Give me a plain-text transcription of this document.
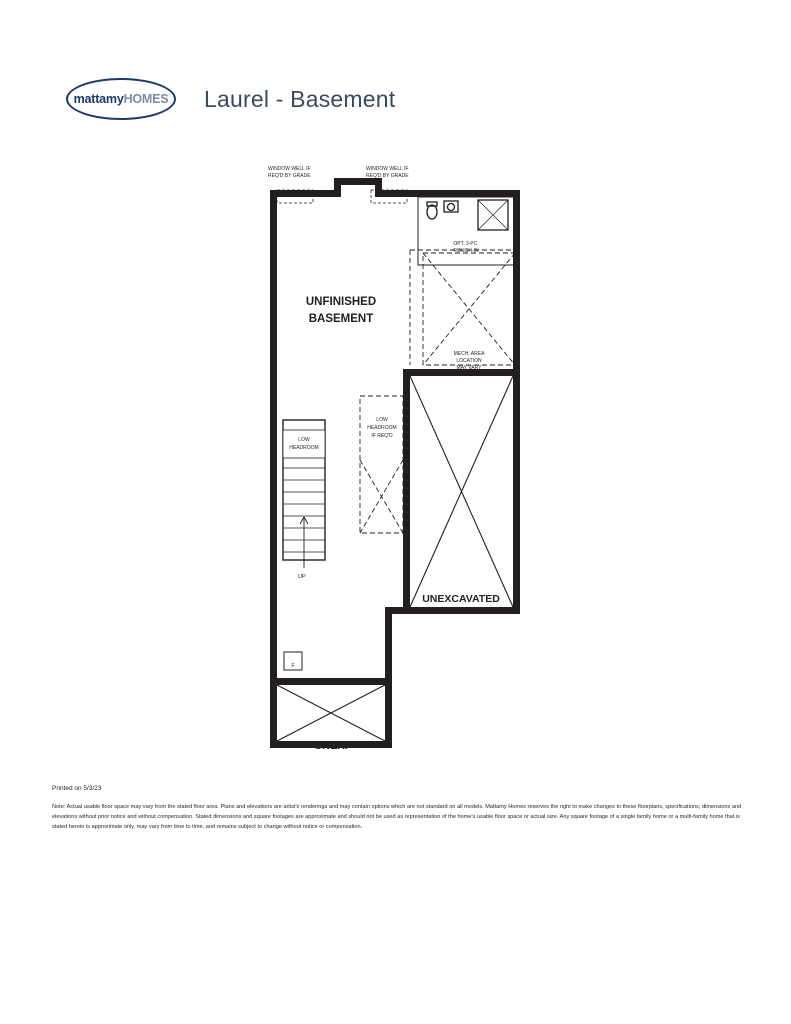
mattamyHOMES Laurel - Basement
WINDOW WELL IF
REQ'D BY GRADE
WINDOW WELL IF
REQ'D BY GRADE
OPT. 3-PC.
ROUGH-IN
UNFINISHED
BASEMENT
MECH. AREA
LOCATION
MAY VARY
LOW
HEADROOM
LOW
HEADROOM
IF REQ'D
UP
UNEXCAVATED
UNEX.
F
Printed on 5/3/23
Note: Actual usable floor space may vary from the stated floor area. Plans and elevations are artist's renderings and may contain options which are not standard on all models. Mattamy Homes reserves the right to make changes to these floorplans, specifications, dimensions and elevations without prior notice and without compensation. Stated dimensions and square footages are approximate and should not be used as representation of the home's usable floor space or actual size. Any square footage of a single family home or a multi-family home that is stated herein is approximate only, may vary from time to time, and remains subject to change without notice or compensation.
